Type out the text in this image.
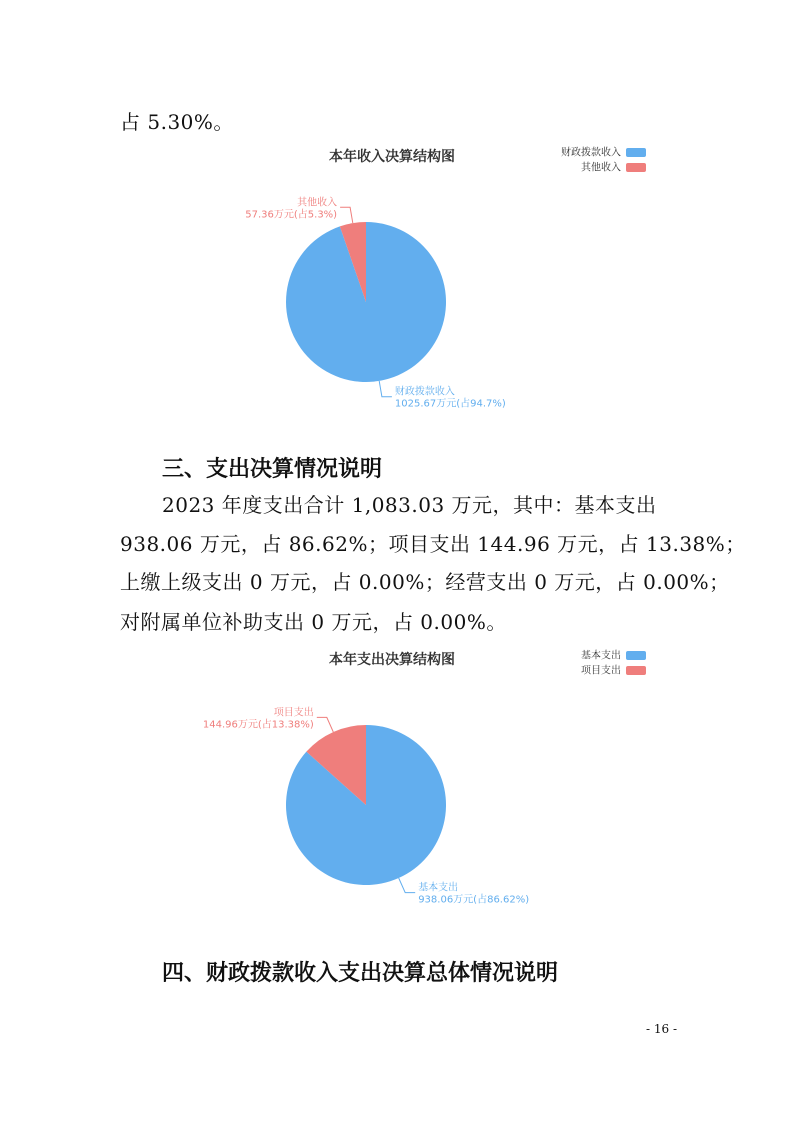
占 5.30%。
本年收入决算结构图	财政拨款收入
其他收入
财政拨款收入
1025.67万元(占94.7%)
其他收入
57.36万元(占5.3%)
三、支出决算情况说明
2023 年度支出合计 1,083.03 万元，其中：基本支出
938.06 万元，占 86.62%；项目支出 144.96 万元，占 13.38%；
上缴上级支出 0 万元，占 0.00%；经营支出 0 万元，占 0.00%；
对附属单位补助支出 0 万元，占 0.00%。
本年支出决算结构图	基本支出
项目支出
基本支出
938.06万元(占86.62%)
项目支出
144.96万元(占13.38%)
四、财政拨款收入支出决算总体情况说明
- 16 -
